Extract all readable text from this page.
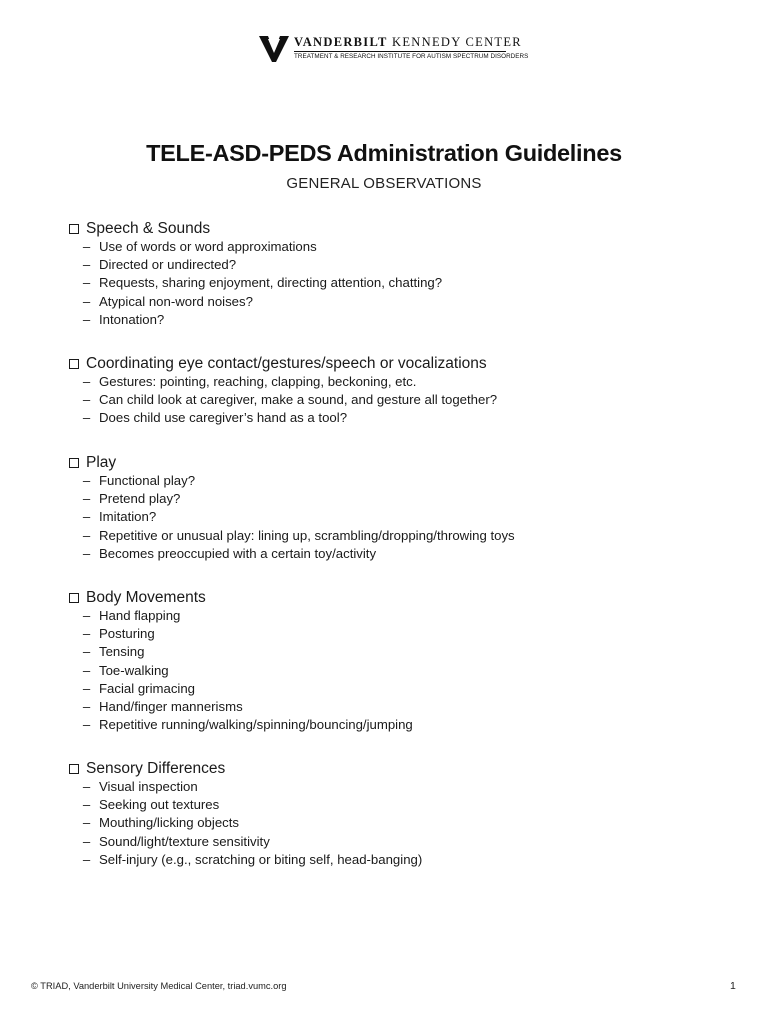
VANDERBILT KENNEDY CENTER
TREATMENT & RESEARCH INSTITUTE FOR AUTISM SPECTRUM DISORDERS
TELE-ASD-PEDS Administration Guidelines
GENERAL OBSERVATIONS
Speech & Sounds
– Use of words or word approximations
– Directed or undirected?
– Requests, sharing enjoyment, directing attention, chatting?
– Atypical non-word noises?
– Intonation?
Coordinating eye contact/gestures/speech or vocalizations
– Gestures: pointing, reaching, clapping, beckoning, etc.
– Can child look at caregiver, make a sound, and gesture all together?
– Does child use caregiver’s hand as a tool?
Play
– Functional play?
– Pretend play?
– Imitation?
– Repetitive or unusual play: lining up, scrambling/dropping/throwing toys
– Becomes preoccupied with a certain toy/activity
Body Movements
– Hand flapping
– Posturing
– Tensing
– Toe-walking
– Facial grimacing
– Hand/finger mannerisms
– Repetitive running/walking/spinning/bouncing/jumping
Sensory Differences
– Visual inspection
– Seeking out textures
– Mouthing/licking objects
– Sound/light/texture sensitivity
– Self-injury (e.g., scratching or biting self, head-banging)
© TRIAD, Vanderbilt University Medical Center, triad.vumc.org	1
